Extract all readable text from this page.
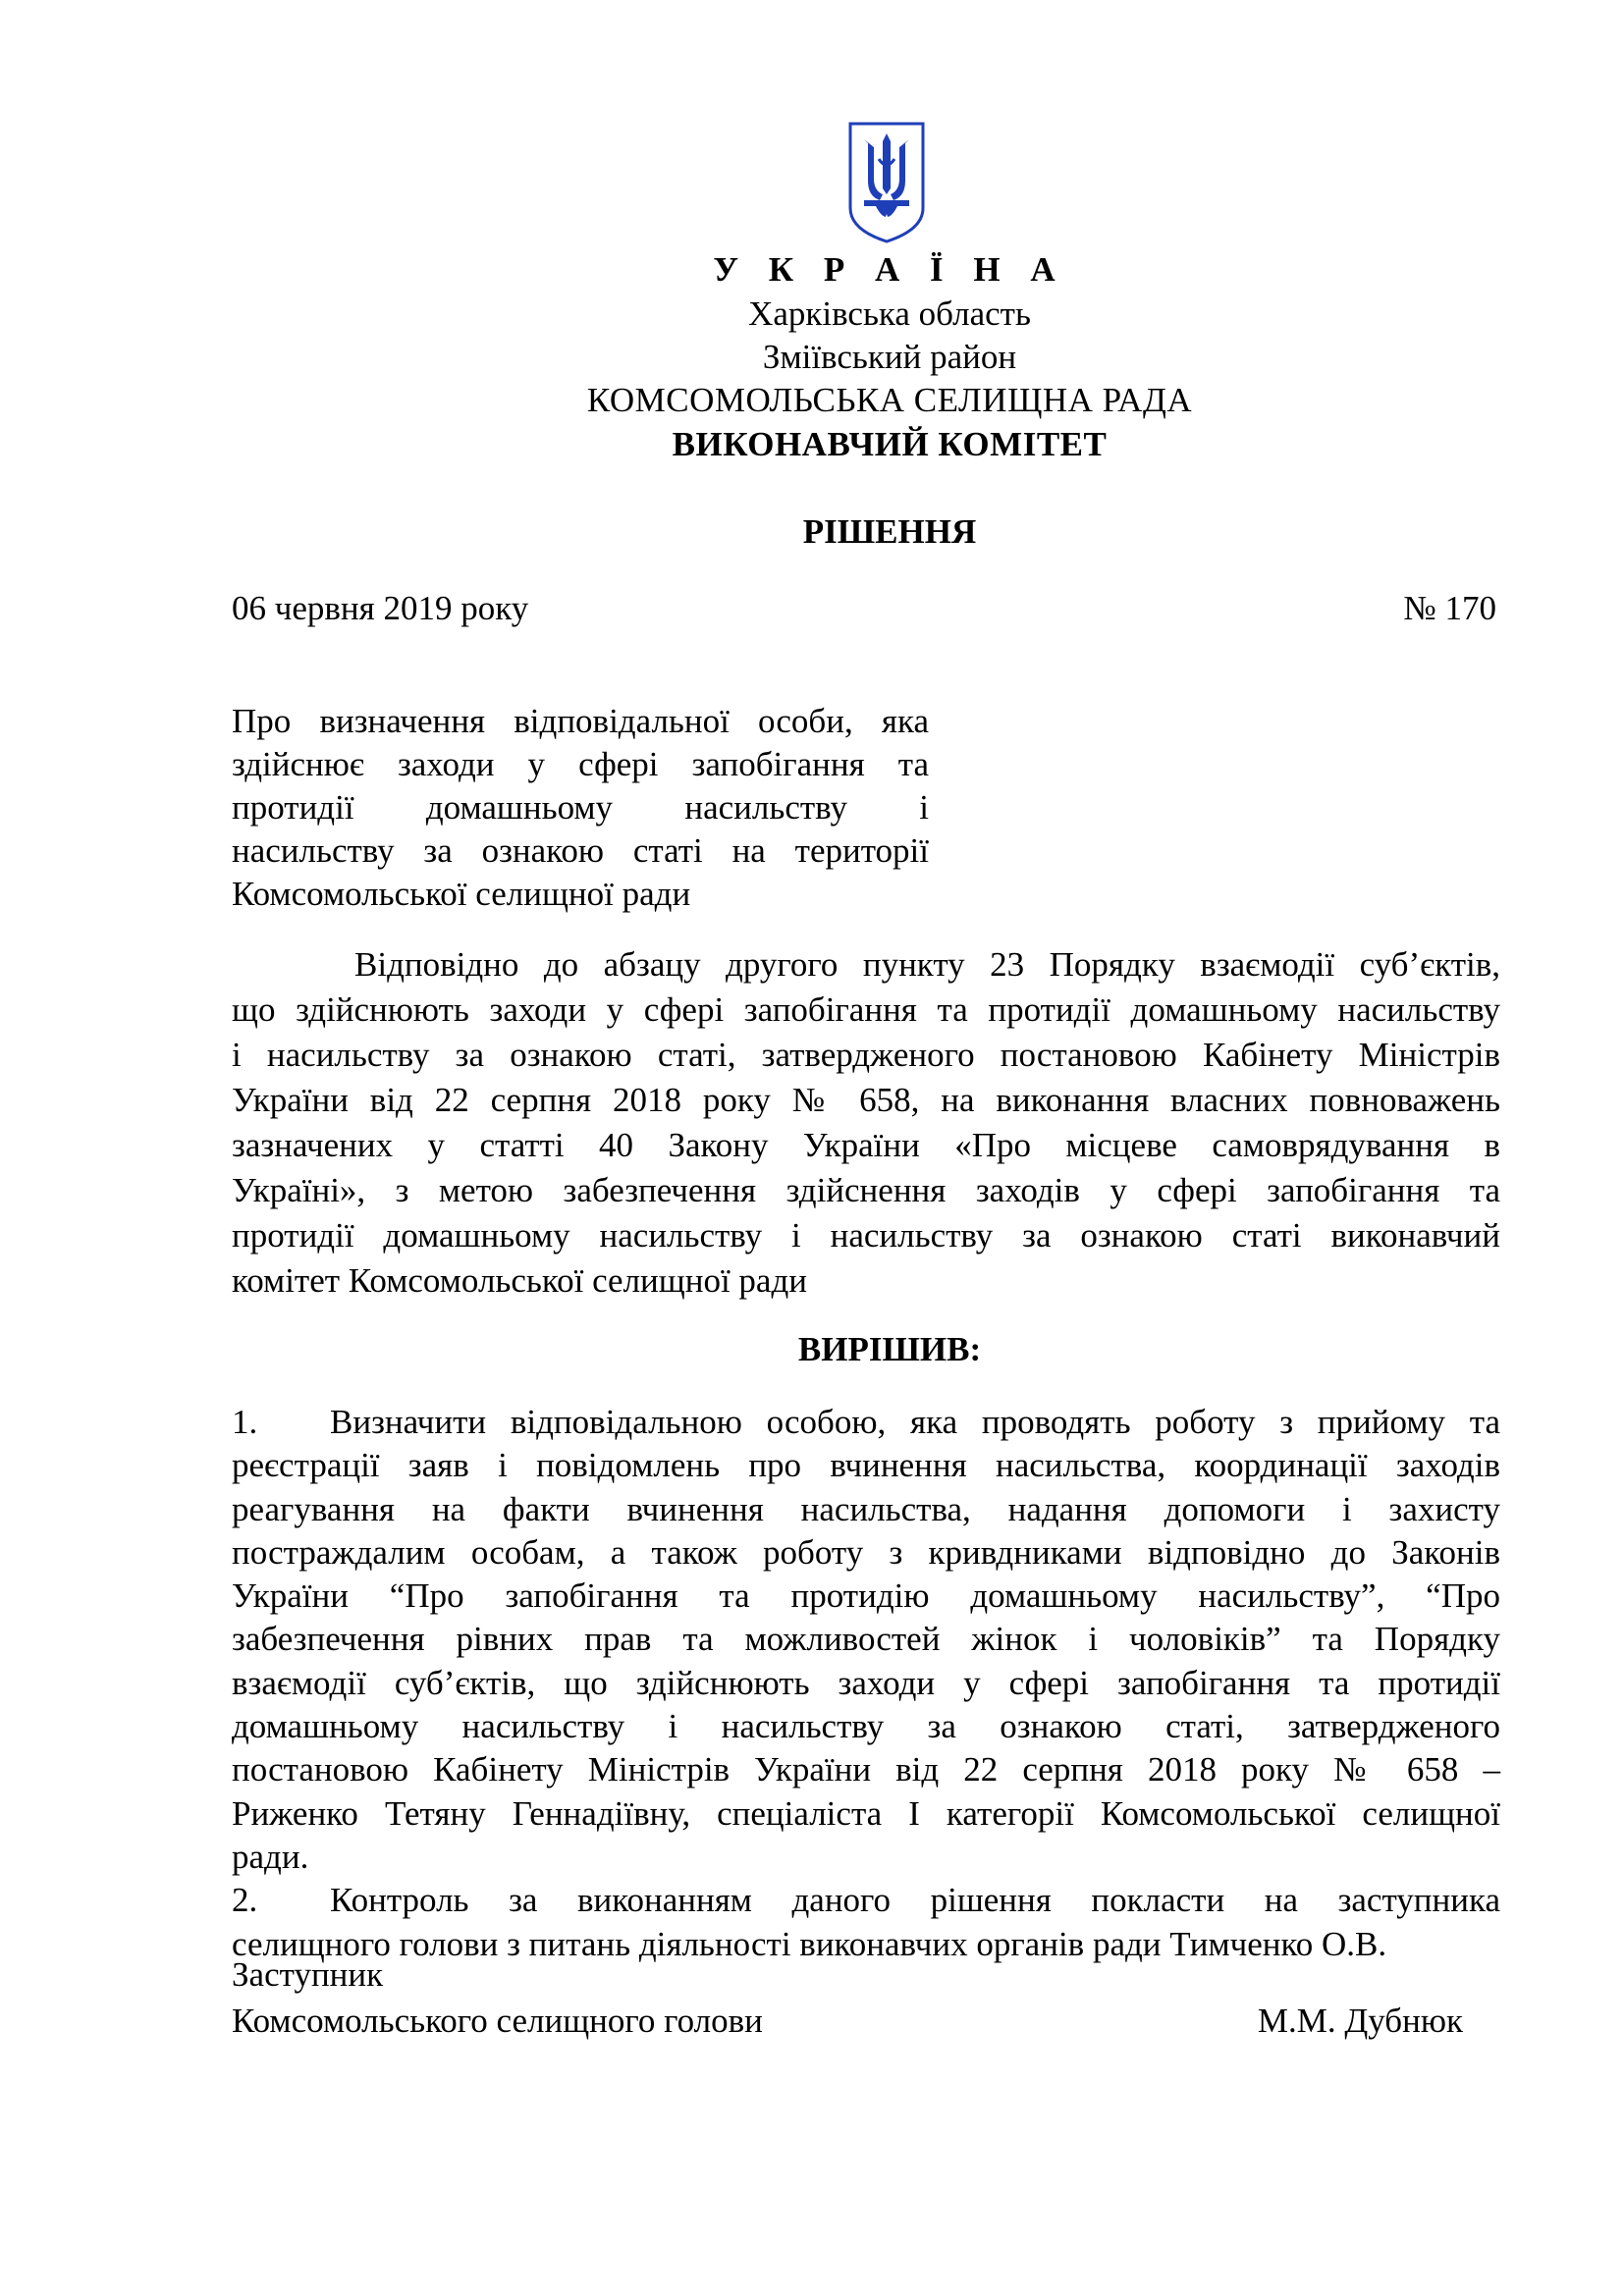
У К Р А Ї Н А
Харківська область
Зміївський район
КОМСОМОЛЬСЬКА СЕЛИЩНА РАДА
ВИКОНАВЧИЙ КОМІТЕТ
РІШЕННЯ
06 червня 2019 року	№ 170
Про визначення відповідальної особи, яка
здійснює заходи у сфері запобігання та
протидії домашньому насильству і
насильству за ознакою статі на території
Комсомольської селищної ради
Відповідно до абзацу другого пункту 23 Порядку взаємодії суб’єктів,
що здійснюють заходи у сфері запобігання та протидії домашньому насильству
і насильству за ознакою статі, затвердженого постановою Кабінету Міністрів
України від 22 серпня 2018 року № 658, на виконання власних повноважень
зазначених у статті 40 Закону України «Про місцеве самоврядування в
Україні», з метою забезпечення здійснення заходів у сфері запобігання та
протидії домашньому насильству і насильству за ознакою статі виконавчий
комітет Комсомольської селищної ради
ВИРІШИВ:
1. Визначити відповідальною особою, яка проводять роботу з прийому та
реєстрації заяв і повідомлень про вчинення насильства, координації заходів
реагування на факти вчинення насильства, надання допомоги і захисту
постраждалим особам, а також роботу з кривдниками відповідно до Законів
України “Про запобігання та протидію домашньому насильству”, “Про
забезпечення рівних прав та можливостей жінок і чоловіків” та Порядку
взаємодії суб’єктів, що здійснюють заходи у сфері запобігання та протидії
домашньому насильству і насильству за ознакою статі, затвердженого
постановою Кабінету Міністрів України від 22 серпня 2018 року № 658 –
Риженко Тетяну Геннадіївну, спеціаліста І категорії Комсомольської селищної
ради.
2. Контроль за виконанням даного рішення покласти на заступника
селищного голови з питань діяльності виконавчих органів ради Тимченко О.В.
Заступник
Комсомольського селищного голови	М.М. Дубнюк
